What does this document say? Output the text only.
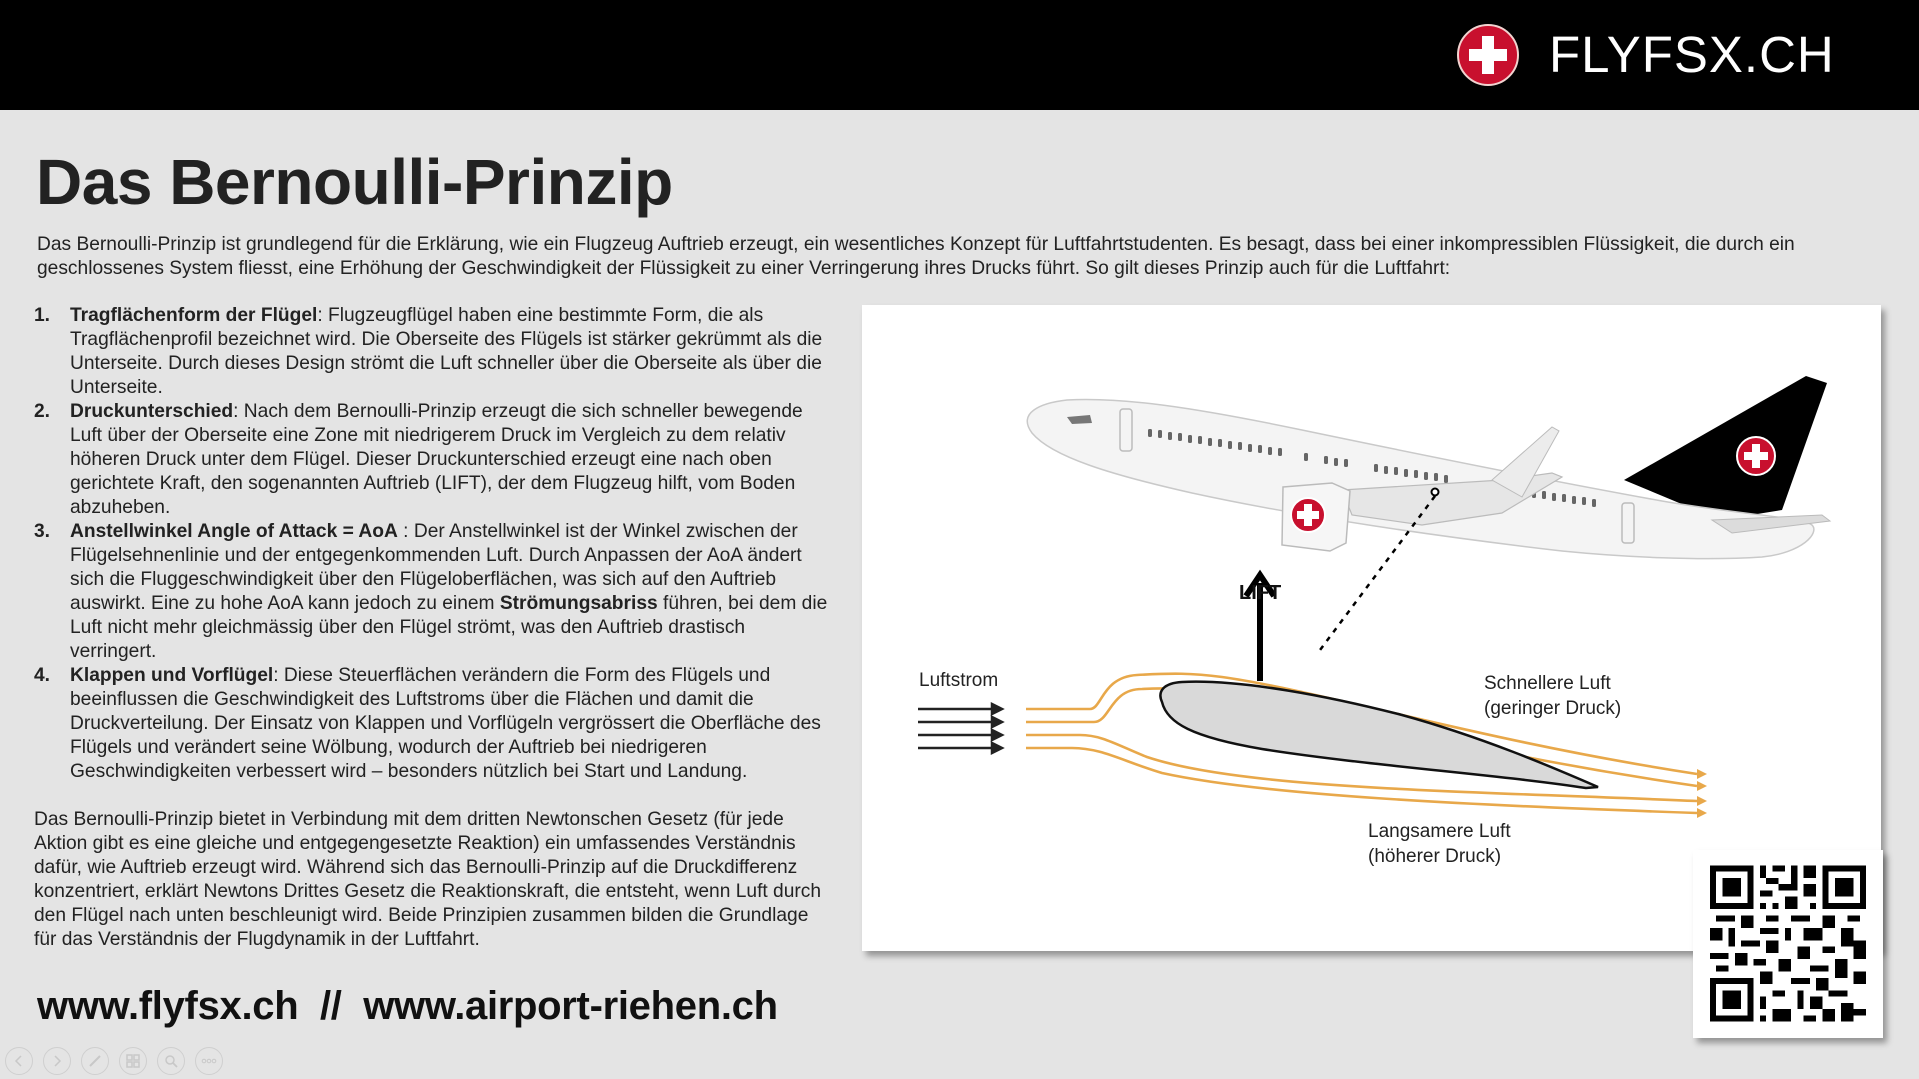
FLYFSX.CH
Das Bernoulli-Prinzip

Das Bernoulli-Prinzip ist grundlegend für die Erklärung, wie ein Flugzeug Auftrieb erzeugt, ein wesentliches Konzept für Luftfahrtstudenten. Es besagt, dass bei einer inkompressiblen Flüssigkeit, die durch ein geschlossenes System fliesst, eine Erhöhung der Geschwindigkeit der Flüssigkeit zu einer Verringerung ihres Drucks führt. So gilt dieses Prinzip auch für die Luftfahrt:

1. Tragflächenform der Flügel: Flugzeugflügel haben eine bestimmte Form, die als Tragflächenprofil bezeichnet wird. Die Oberseite des Flügels ist stärker gekrümmt als die Unterseite. Durch dieses Design strömt die Luft schneller über die Oberseite als über die Unterseite.
2. Druckunterschied: Nach dem Bernoulli-Prinzip erzeugt die sich schneller bewegende Luft über der Oberseite eine Zone mit niedrigerem Druck im Vergleich zu dem relativ höheren Druck unter dem Flügel. Dieser Druckunterschied erzeugt eine nach oben gerichtete Kraft, den sogenannten Auftrieb (LIFT), der dem Flugzeug hilft, vom Boden abzuheben.
3. Anstellwinkel Angle of Attack = AoA : Der Anstellwinkel ist der Winkel zwischen der Flügelsehnenlinie und der entgegenkommenden Luft. Durch Anpassen der AoA ändert sich die Fluggeschwindigkeit über den Flügeloberflächen, was sich auf den Auftrieb auswirkt. Eine zu hohe AoA kann jedoch zu einem Strömungsabriss führen, bei dem die Luft nicht mehr gleichmässig über den Flügel strömt, was den Auftrieb drastisch verringert.
4. Klappen und Vorflügel: Diese Steuerflächen verändern die Form des Flügels und beeinflussen die Geschwindigkeit des Luftstroms über die Flächen und damit die Druckverteilung. Der Einsatz von Klappen und Vorflügeln vergrössert die Oberfläche des Flügels und verändert seine Wölbung, wodurch der Auftrieb bei niedrigeren Geschwindigkeiten verbessert wird – besonders nützlich bei Start und Landung.

Das Bernoulli-Prinzip bietet in Verbindung mit dem dritten Newtonschen Gesetz (für jede Aktion gibt es eine gleiche und entgegengesetzte Reaktion) ein umfassendes Verständnis dafür, wie Auftrieb erzeugt wird. Während sich das Bernoulli-Prinzip auf die Druckdifferenz konzentriert, erklärt Newtons Drittes Gesetz die Reaktionskraft, die entsteht, wenn Luft durch den Flügel nach unten beschleunigt wird. Beide Prinzipien zusammen bilden die Grundlage für das Verständnis der Flugdynamik in der Luftfahrt.

www.flyfsx.ch  //  www.airport-riehen.ch
LIFT
Luftstrom	Schnellere Luft
(geringer Druck)
Langsamere Luft
(höherer Druck)
